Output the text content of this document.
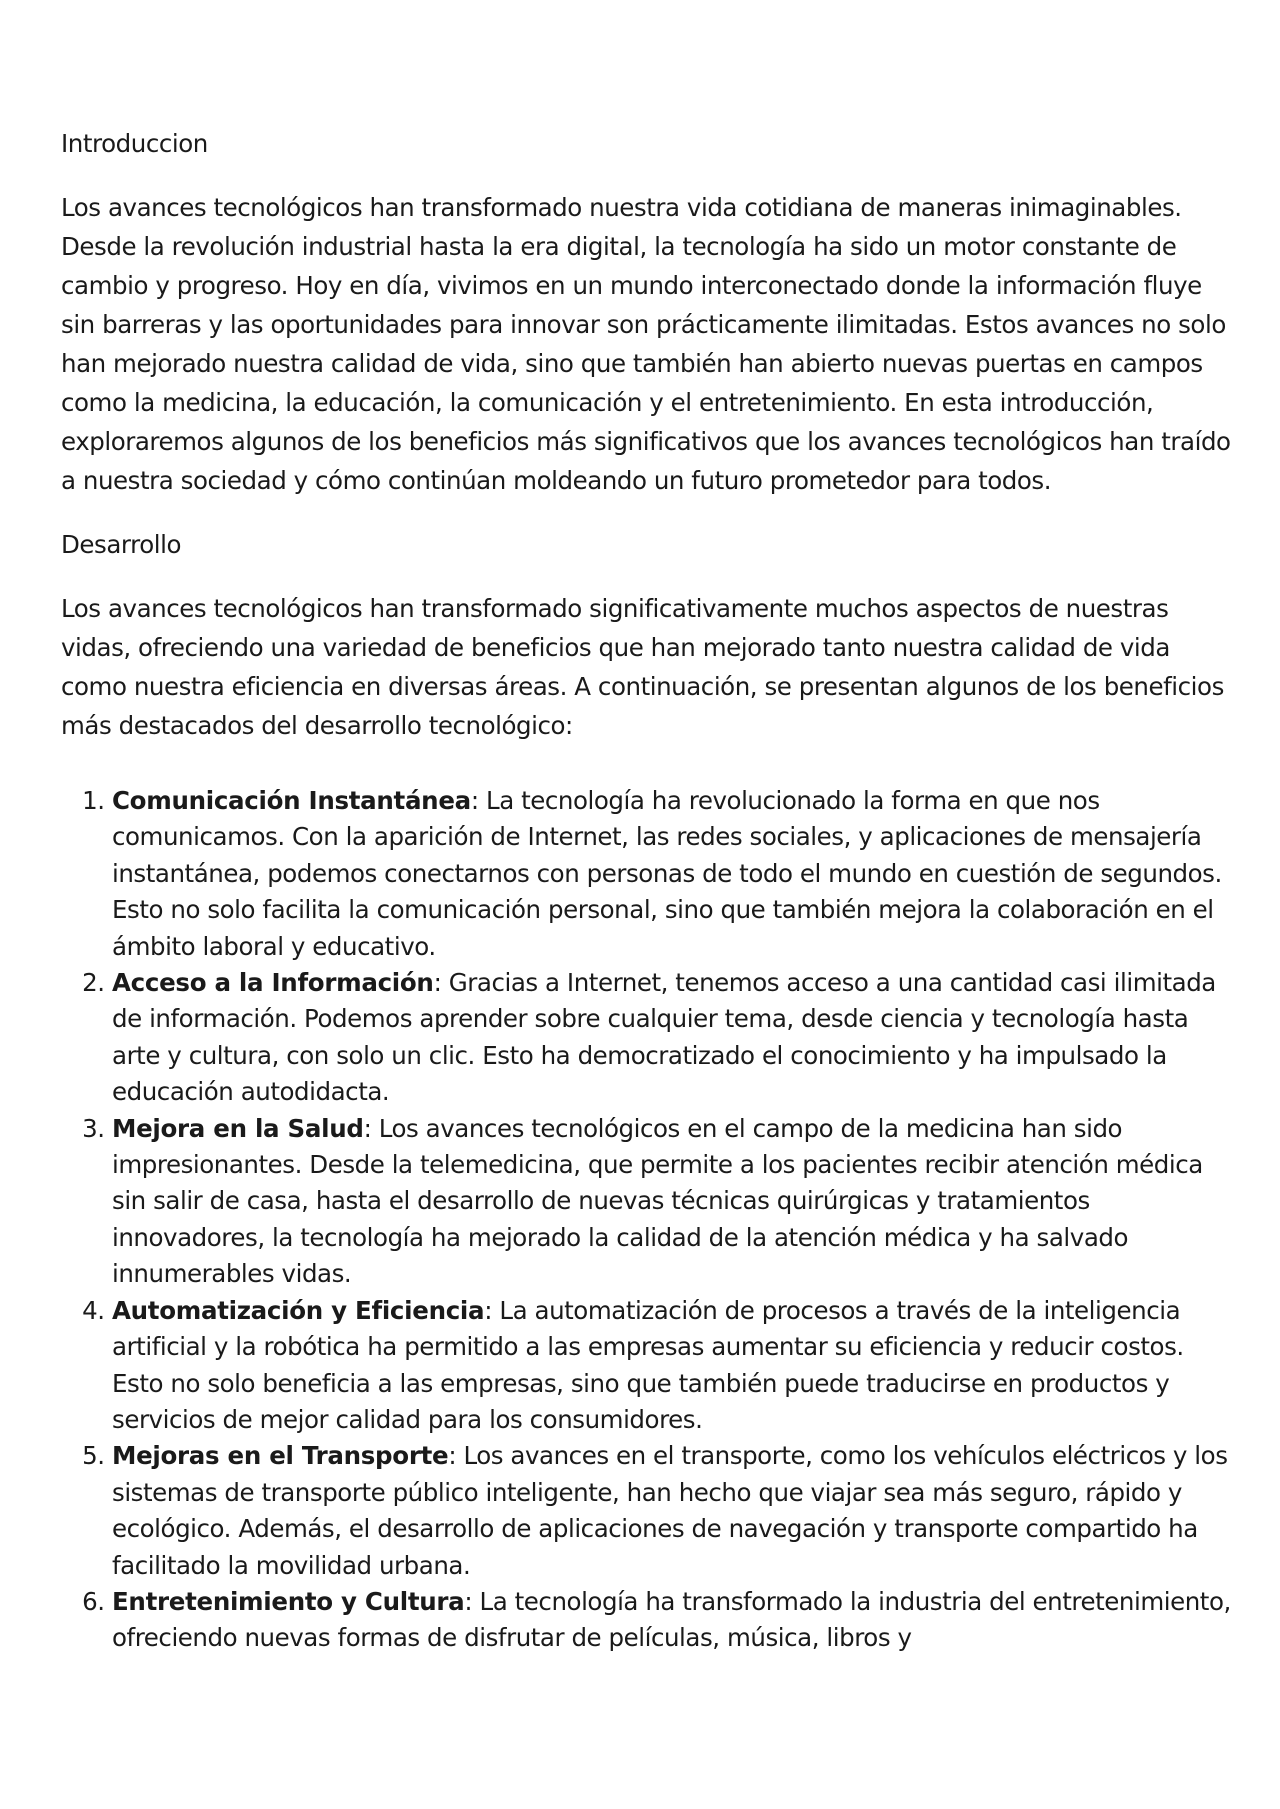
Introduccion

Los avances tecnológicos han transformado nuestra vida cotidiana de maneras inimaginables. Desde la revolución industrial hasta la era digital, la tecnología ha sido un motor constante de cambio y progreso. Hoy en día, vivimos en un mundo interconectado donde la información fluye sin barreras y las oportunidades para innovar son prácticamente ilimitadas. Estos avances no solo han mejorado nuestra calidad de vida, sino que también han abierto nuevas puertas en campos como la medicina, la educación, la comunicación y el entretenimiento. En esta introducción, exploraremos algunos de los beneficios más significativos que los avances tecnológicos han traído a nuestra sociedad y cómo continúan moldeando un futuro prometedor para todos.

Desarrollo

Los avances tecnológicos han transformado significativamente muchos aspectos de nuestras vidas, ofreciendo una variedad de beneficios que han mejorado tanto nuestra calidad de vida como nuestra eficiencia en diversas áreas. A continuación, se presentan algunos de los beneficios más destacados del desarrollo tecnológico:

1. Comunicación Instantánea: La tecnología ha revolucionado la forma en que nos comunicamos. Con la aparición de Internet, las redes sociales, y aplicaciones de mensajería instantánea, podemos conectarnos con personas de todo el mundo en cuestión de segundos. Esto no solo facilita la comunicación personal, sino que también mejora la colaboración en el ámbito laboral y educativo.
2. Acceso a la Información: Gracias a Internet, tenemos acceso a una cantidad casi ilimitada de información. Podemos aprender sobre cualquier tema, desde ciencia y tecnología hasta arte y cultura, con solo un clic. Esto ha democratizado el conocimiento y ha impulsado la educación autodidacta.
3. Mejora en la Salud: Los avances tecnológicos en el campo de la medicina han sido impresionantes. Desde la telemedicina, que permite a los pacientes recibir atención médica sin salir de casa, hasta el desarrollo de nuevas técnicas quirúrgicas y tratamientos innovadores, la tecnología ha mejorado la calidad de la atención médica y ha salvado innumerables vidas.
4. Automatización y Eficiencia: La automatización de procesos a través de la inteligencia artificial y la robótica ha permitido a las empresas aumentar su eficiencia y reducir costos. Esto no solo beneficia a las empresas, sino que también puede traducirse en productos y servicios de mejor calidad para los consumidores.
5. Mejoras en el Transporte: Los avances en el transporte, como los vehículos eléctricos y los sistemas de transporte público inteligente, han hecho que viajar sea más seguro, rápido y ecológico. Además, el desarrollo de aplicaciones de navegación y transporte compartido ha facilitado la movilidad urbana.
6. Entretenimiento y Cultura: La tecnología ha transformado la industria del entretenimiento, ofreciendo nuevas formas de disfrutar de películas, música, libros y
